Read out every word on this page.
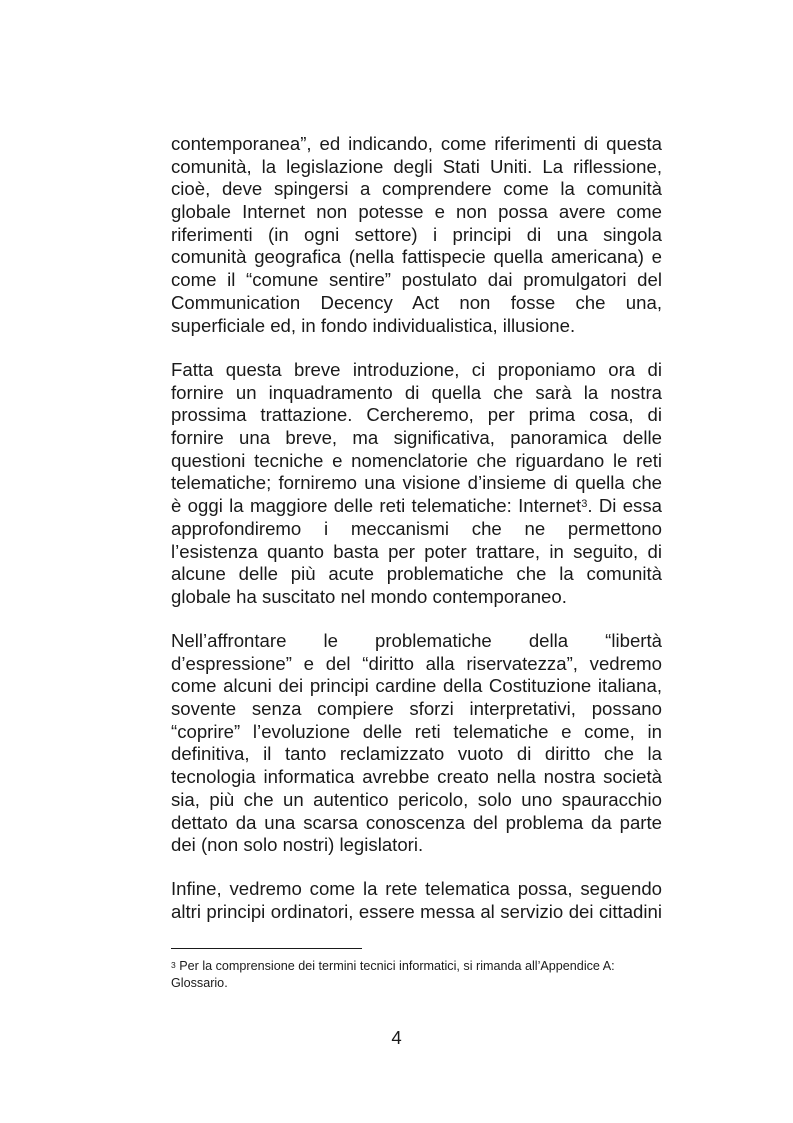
contemporanea”, ed indicando, come riferimenti di questa
comunità, la legislazione degli Stati Uniti. La riflessione,
cioè, deve spingersi a comprendere come la comunità
globale Internet non potesse e non possa avere come
riferimenti (in ogni settore) i principi di una singola
comunità geografica (nella fattispecie quella americana) e
come il “comune sentire” postulato dai promulgatori del
Communication Decency Act non fosse che una,
superficiale ed, in fondo individualistica, illusione.

Fatta questa breve introduzione, ci proponiamo ora di
fornire un inquadramento di quella che sarà la nostra
prossima trattazione. Cercheremo, per prima cosa, di
fornire una breve, ma significativa, panoramica delle
questioni tecniche e nomenclatorie che riguardano le reti
telematiche; forniremo una visione d’insieme di quella che
è oggi la maggiore delle reti telematiche: Internet$^3$. Di essa
approfondiremo i meccanismi che ne permettono
l’esistenza quanto basta per poter trattare, in seguito, di
alcune delle più acute problematiche che la comunità
globale ha suscitato nel mondo contemporaneo.

Nell’affrontare le problematiche della “libertà
d’espressione” e del “diritto alla riservatezza”, vedremo
come alcuni dei principi cardine della Costituzione italiana,
sovente senza compiere sforzi interpretativi, possano
“coprire” l’evoluzione delle reti telematiche e come, in
definitiva, il tanto reclamizzato vuoto di diritto che la
tecnologia informatica avrebbe creato nella nostra società
sia, più che un autentico pericolo, solo uno spauracchio
dettato da una scarsa conoscenza del problema da parte
dei (non solo nostri) legislatori.

Infine, vedremo come la rete telematica possa, seguendo
altri principi ordinatori, essere messa al servizio dei cittadini

$^3$ Per la comprensione dei termini tecnici informatici, si rimanda all’Appendice A:
Glossario.

4
